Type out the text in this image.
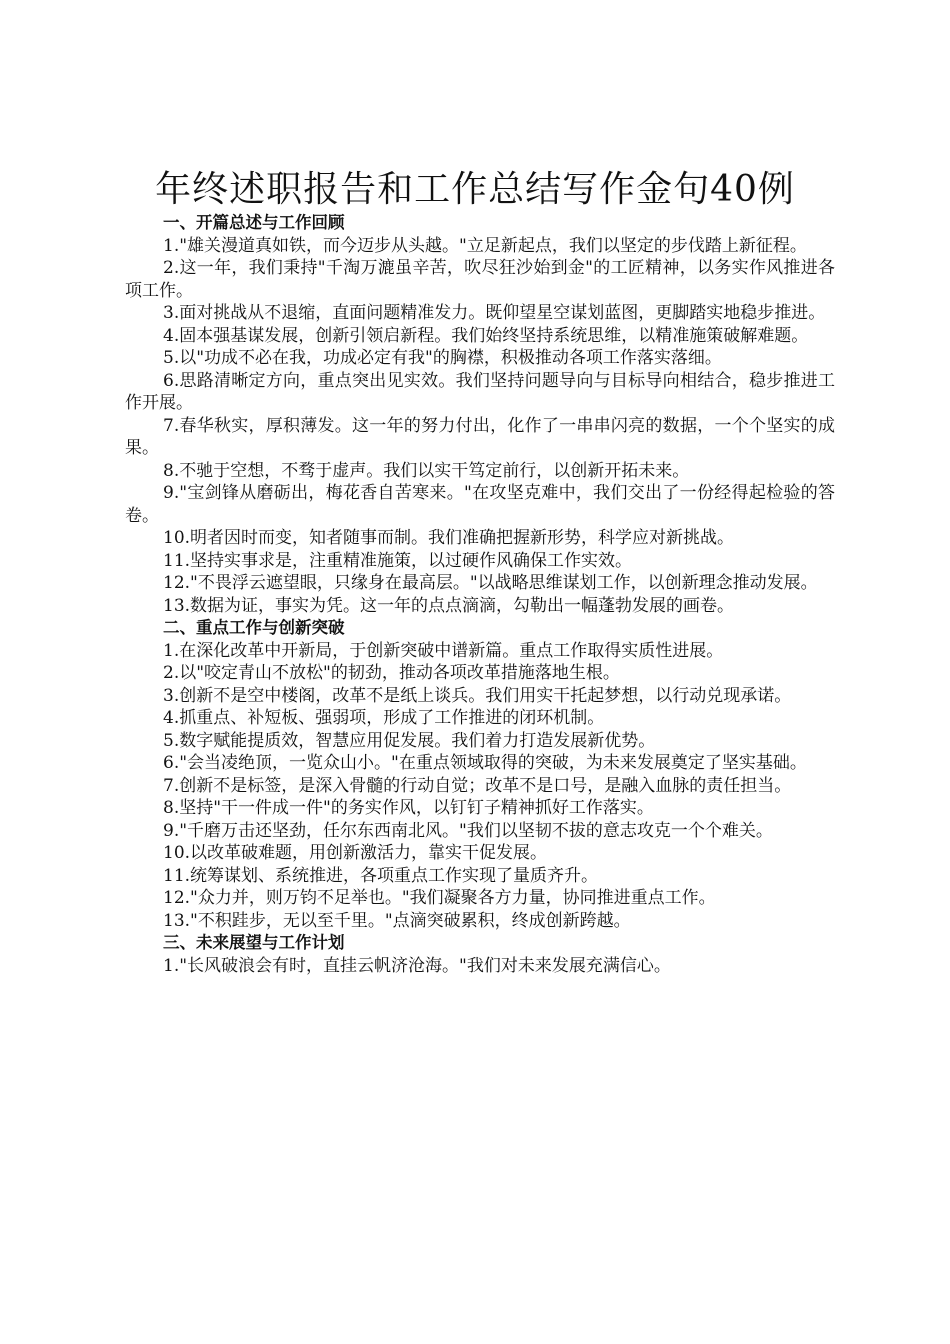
年终述职报告和工作总结写作金句40例

一、开篇总述与工作回顾

1."雄关漫道真如铁，而今迈步从头越。"立足新起点，我们以坚定的步伐踏上新征程。

2.这一年，我们秉持"千淘万漉虽辛苦，吹尽狂沙始到金"的工匠精神，以务实作风推进各项工作。

3.面对挑战从不退缩，直面问题精准发力。既仰望星空谋划蓝图，更脚踏实地稳步推进。

4.固本强基谋发展，创新引领启新程。我们始终坚持系统思维，以精准施策破解难题。

5.以"功成不必在我，功成必定有我"的胸襟，积极推动各项工作落实落细。

6.思路清晰定方向，重点突出见实效。我们坚持问题导向与目标导向相结合，稳步推进工作开展。

7.春华秋实，厚积薄发。这一年的努力付出，化作了一串串闪亮的数据，一个个坚实的成果。

8.不驰于空想，不骛于虚声。我们以实干笃定前行，以创新开拓未来。

9."宝剑锋从磨砺出，梅花香自苦寒来。"在攻坚克难中，我们交出了一份经得起检验的答卷。

10.明者因时而变，知者随事而制。我们准确把握新形势，科学应对新挑战。

11.坚持实事求是，注重精准施策，以过硬作风确保工作实效。

12."不畏浮云遮望眼，只缘身在最高层。"以战略思维谋划工作，以创新理念推动发展。

13.数据为证，事实为凭。这一年的点点滴滴，勾勒出一幅蓬勃发展的画卷。

二、重点工作与创新突破

1.在深化改革中开新局，于创新突破中谱新篇。重点工作取得实质性进展。

2.以"咬定青山不放松"的韧劲，推动各项改革措施落地生根。

3.创新不是空中楼阁，改革不是纸上谈兵。我们用实干托起梦想，以行动兑现承诺。

4.抓重点、补短板、强弱项，形成了工作推进的闭环机制。

5.数字赋能提质效，智慧应用促发展。我们着力打造发展新优势。

6."会当凌绝顶，一览众山小。"在重点领域取得的突破，为未来发展奠定了坚实基础。

7.创新不是标签，是深入骨髓的行动自觉；改革不是口号，是融入血脉的责任担当。

8.坚持"干一件成一件"的务实作风，以钉钉子精神抓好工作落实。

9."千磨万击还坚劲，任尔东西南北风。"我们以坚韧不拔的意志攻克一个个难关。

10.以改革破难题，用创新激活力，靠实干促发展。

11.统筹谋划、系统推进，各项重点工作实现了量质齐升。

12."众力并，则万钧不足举也。"我们凝聚各方力量，协同推进重点工作。

13."不积跬步，无以至千里。"点滴突破累积，终成创新跨越。

三、未来展望与工作计划

1."长风破浪会有时，直挂云帆济沧海。"我们对未来发展充满信心。
